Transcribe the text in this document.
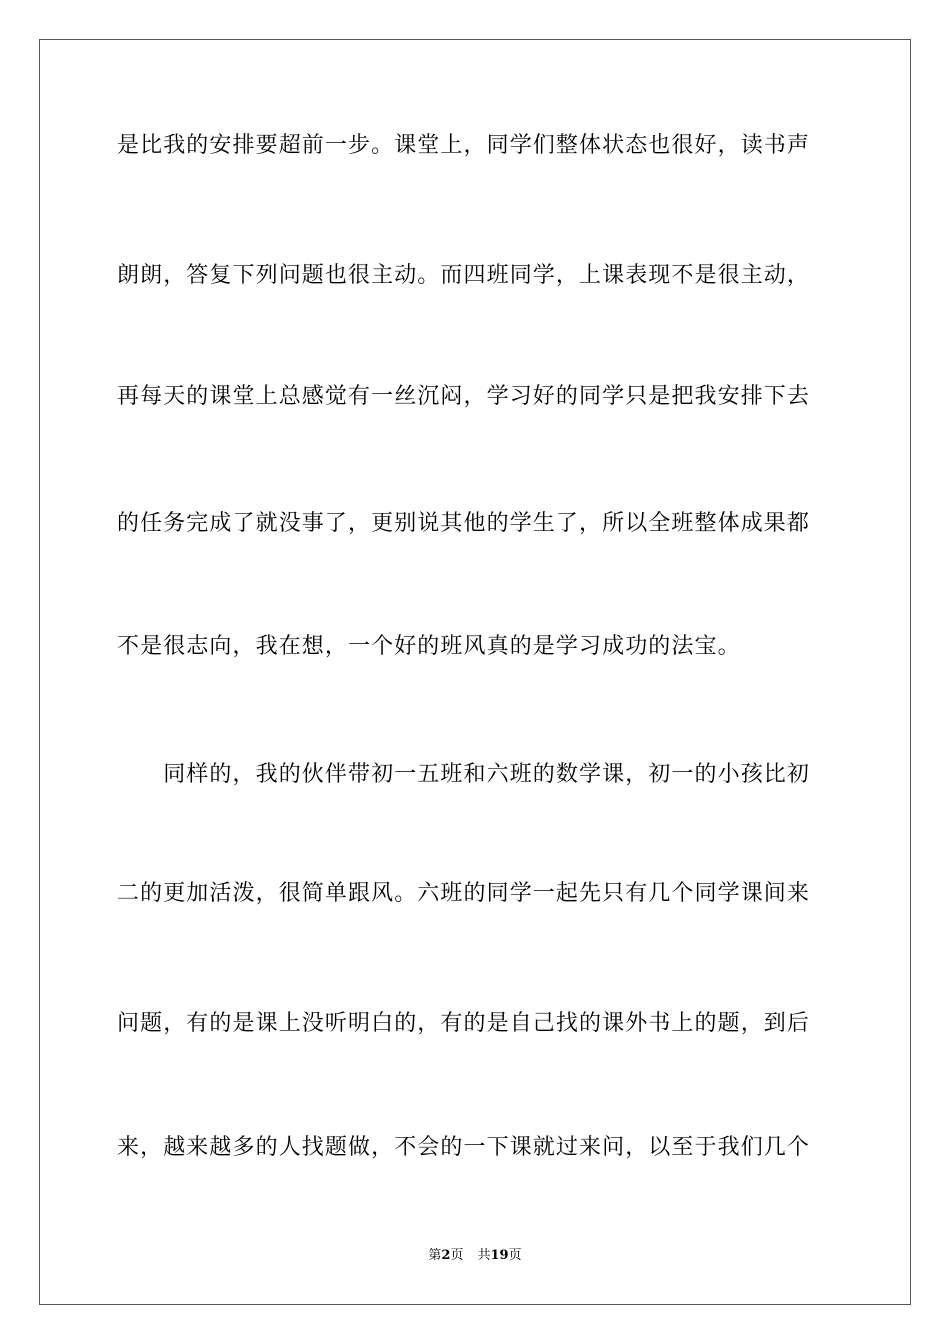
是比我的安排要超前一步。课堂上，同学们整体状态也很好，读书声
朗朗，答复下列问题也很主动。而四班同学，上课表现不是很主动，
再每天的课堂上总感觉有一丝沉闷，学习好的同学只是把我安排下去
的任务完成了就没事了，更别说其他的学生了，所以全班整体成果都
不是很志向，我在想，一个好的班风真的是学习成功的法宝。
　　同样的，我的伙伴带初一五班和六班的数学课，初一的小孩比初
二的更加活泼，很简单跟风。六班的同学一起先只有几个同学课间来
问题，有的是课上没听明白的，有的是自己找的课外书上的题，到后
来，越来越多的人找题做，不会的一下课就过来问，以至于我们几个
第2页 共19页
